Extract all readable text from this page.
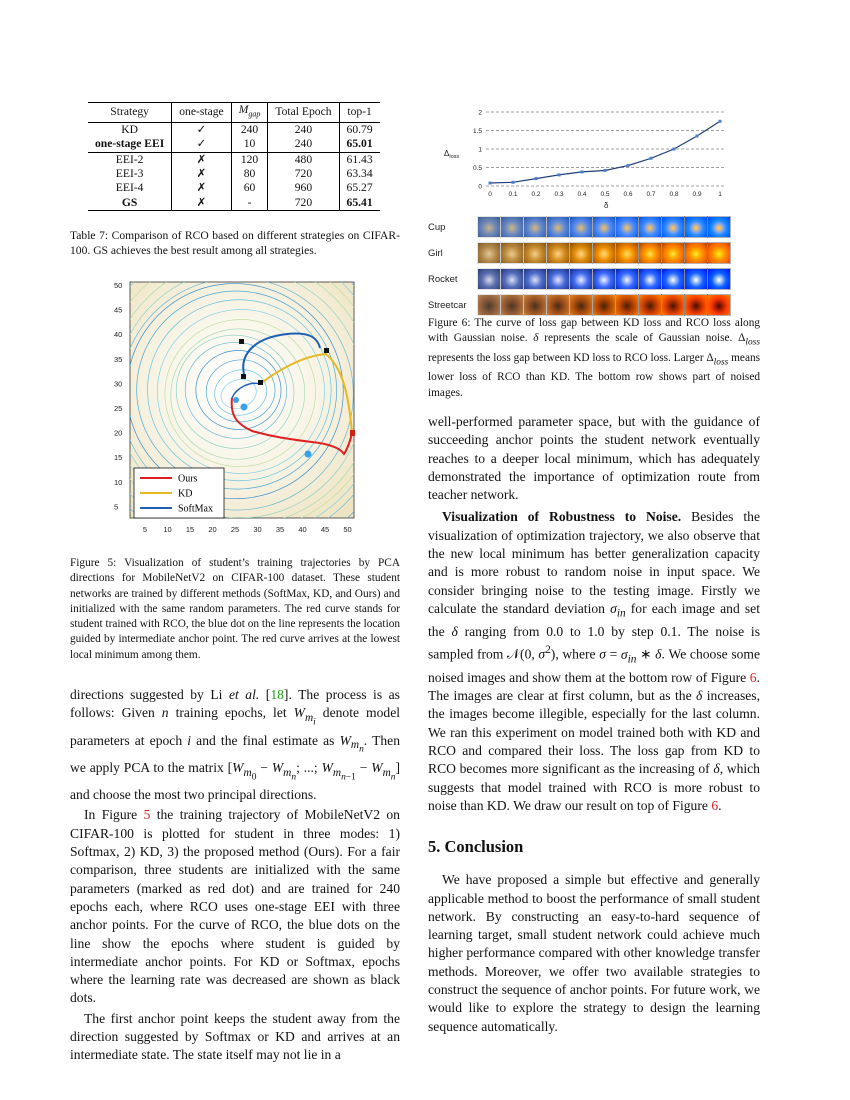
Strategy	one-stage	$M_{gap}$	Total Epoch	top-1
KD	✓	240	240	60.79
one-stage EEI	✓	10	240	65.01
EEI-2	✗	120	480	61.43
EEI-3	✗	80	720	63.34
EEI-4	✗	60	960	65.27
GS	✗	-	720	65.41
Table 7: Comparison of RCO based on different strategies on CIFAR-100. GS achieves the best result among all strategies.
Ours
KD
SoftMax
50
45
40
35
30
25
20
15
10
5
5 10 15 20 25 30 35 40 45 50
Figure 5: Visualization of student’s training trajectories by PCA directions for MobileNetV2 on CIFAR-100 dataset. These student networks are trained by different methods (SoftMax, KD, and Ours) and initialized with the same random parameters. The red curve stands for student trained with RCO, the blue dot on the line represents the location guided by intermediate anchor point. The red curve arrives at the lowest local minimum among them.

directions suggested by Li et al. [18]. The process is as follows: Given n training epochs, let $W_{m_i}$ denote model parameters at epoch i and the final estimate as $W_{m_n}$. Then we apply PCA to the matrix [$W_{m_0} - W_{m_n}$; ...; $W_{m_{n-1}} - W_{m_n}$] and choose the most two principal directions.

In Figure 5 the training trajectory of MobileNetV2 on CIFAR-100 is plotted for student in three modes: 1) Softmax, 2) KD, 3) the proposed method (Ours). For a fair comparison, three students are initialized with the same parameters (marked as red dot) and are trained for 240 epochs each, where RCO uses one-stage EEI with three anchor points. For the curve of RCO, the blue dots on the line show the epochs where student is guided by intermediate anchor points. For KD or Softmax, epochs where the learning rate was decreased are shown as black dots.

The first anchor point keeps the student away from the direction suggested by Softmax or KD and arrives at an intermediate state. The state itself may not lie in a

2
1.5
1
0.5
0
0	0.1 0.2 0.3 0.4 0.5 0.6 0.7 0.8 0.9	1
$\Delta_{loss}$
δ
Cup
Girl
Rocket
Streetcar
Figure 6: The curve of loss gap between KD loss and RCO loss along with Gaussian noise. δ represents the scale of Gaussian noise. $\Delta_{loss}$ represents the loss gap between KD loss to RCO loss. Larger $\Delta_{loss}$ means lower loss of RCO than KD. The bottom row shows part of noised images.

well-performed parameter space, but with the guidance of succeeding anchor points the student network eventually reaches to a deeper local minimum, which has adequately demonstrated the importance of optimization route from teacher network.

Visualization of Robustness to Noise. Besides the visualization of optimization trajectory, we also observe that the new local minimum has better generalization capacity and is more robust to random noise in input space. We consider bringing noise to the testing image. Firstly we calculate the standard deviation $\sigma_{in}$ for each image and set the δ ranging from 0.0 to 1.0 by step 0.1. The noise is sampled from 𝒩(0, $\sigma^2$), where $\sigma = \sigma_{in}$ ∗ δ. We choose some noised images and show them at the bottom row of Figure 6. The images are clear at first column, but as the δ increases, the images become illegible, especially for the last column. We ran this experiment on model trained both with KD and RCO and compared their loss. The loss gap from KD to RCO becomes more significant as the increasing of δ, which suggests that model trained with RCO is more robust to noise than KD. We draw our result on top of Figure 6.

5. Conclusion

We have proposed a simple but effective and generally applicable method to boost the performance of small student network. By constructing an easy-to-hard sequence of learning target, small student network could achieve much higher performance compared with other knowledge transfer methods. Moreover, we offer two available strategies to construct the sequence of anchor points. For future work, we would like to explore the strategy to design the learning sequence automatically.
